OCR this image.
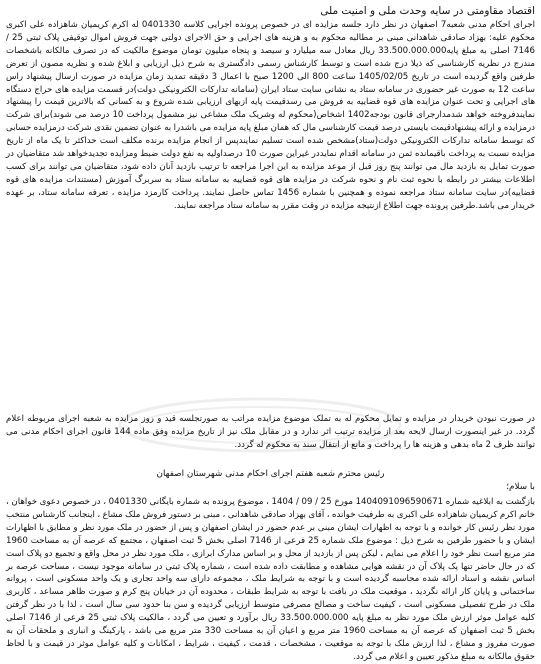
اقتصاد مقاومتی در سایه وحدت ملی و امنیت ملی

اجرای احکام مدنی شعبه7 اصفهان در نظر دارد جلسه مزایده ای در خصوص پرونده اجرایی کلاسه 0401330 له اکرم کریمیان شاهزاده علی اکبری محکوم علیه: بهزاد صادقی شاهدانی مبنی بر مطالبه محکوم به و هزینه های اجرایی و حق الاجرای دولتی جهت فروش اموال توقیفی پلاک ثبتی 25 / 7146 اصلی به مبلغ پایه33.500.000.000 ریال معادل سه میلیارد و سیصد و پنجاه میلیون تومان موضوع مالکیت که در تصرف مالکانه باشخصات مندرج در نظریه کارشناسی که ذیلا درج شده است و توسط کارشناس رسمی دادگستری به شرح ذیل ارزیابی و ابلاغ شده و نظریه مصون از تعرض طرفین واقع گردیده است در تاریخ 1405/02/05 ساعت 800 الی 1200 صبح با اعمال 3 دقیقه تمدید زمان مزایده در صورت ارسال پیشنهاد راس ساعت 12 به صورت غیر حضوری در سامانه ستاد به نشانی سایت ستاد ایران (سامانه تدارکات الکترونیکی دولت)در قسمت مزایده های حراج دستگاه های اجرایی و تحت عنوان مزایده های قوه قضاییه به فروش می رسدقیمت پایه ازبهای ارزیابی شده شروع و به کسانی که بالاترین قیمت را پیشنهاد نمایندفروخته خواهد شدمدارجرای قانون بودجه1402 اشخاص(محکوم له وشریک ملک مشاعی نیز مشمول پرداخت 10 درصد می شوند)برای شرکت درمزایده و ارائه پیشنهادقیمت بایستی درصد قیمت کارشناسی مال که همان مبلغ پایه مزایده می باشدرا به عنوان تضمین نقدی شرکت درمزایده حسابی که توسط سامانه تدارکات الکترونیکی دولت(ستاد)مشخص شده است تسلیم نمایندپس از انجام مزایده برنده مکلف است حداکثر تا یک ماه از تاریخ مزایده نسبت به پرداخت باقیمانده ثمن در سامانه اقدام نمایددر غیراین صورت 10 درصداولیه به نفع دولت ضبط ومزایده تجدیدخواهد شد متقاضیان در صورت تمایل به بازدید مال می توانند پنج روز قبل از موعد مزایده به این اجرا مراجعه تا ترتیب بازدید آنان داده شود، متقاضیان می توانند برای کسب اطلاعات بیشتر در رابطه با نحوه ثبت نام و نحوه شرکت در مزایده های قوه قضاییه به سامانه ستاد به سربرگ آموزش (مستندات مزایده های قوه قضاییه)در سایت سامانه ستاد مراجعه نموده و همچنین با شماره 1456 تماس حاصل نمایند. پرداخت کارمزد مزایده ، تعرفه سامانه ستاد، بر عهده خریدار می باشد.طرفین پرونده جهت اطلاع ازنتیجه مزایده در وقت مقرر به سامانه ستاد مراجعه نمایند.

در صورت نبودن خریدار در مزایده و تمایل محکوم له به تملک موضوع مزایده مراتب به صورتجلسه قید و روز مزایده به شعبه اجرای مربوطه اعلام گردد. در غیر اینصورت ارسال لایحه بعد از مزایده ترتیب اثر ندارد و در مقابل ملک نیز از تاریخ مزایده وفق ماده 144 قانون اجرای احکام مدنی می توانند ظرف 2 ماه بدهی و هزینه ها را پرداخت و مانع از انتقال سند به محکوم له گردد.

رئیس محترم شعبه هفتم اجرای احکام مدنی شهرستان اصفهان
با سلام؛

بازگشت به ابلاغیه شماره 1404091096590671 مورخ 25 / 09 / 1404 ، موضوع پرونده به شماره بایگانی 0401330 ، در خصوص دعوی خواهان ، خانم اکرم کریمیان شاهزاده علی اکبری به طرفیت خوانده ، آقای بهزاد صادقی شاهدانی ، مبنی بر دستور فروش ملک مشاع ، اینجانب کارشناس منتخب مورد نظر رئیس کار خوانده و با توجه به اظهارات ایشان مبنی بر عدم حضور در ایشان اصفهان و پس از حضور در ملک مورد نظر و مطابق با اظهارات ایشان و با حضور طرفین به شرح ذیل : موضوع ملک شماره 25 فرعی از 7146 اصلی بخش 5 ثبت اصفهان ، مجتمع که عرصه آن به مساحت 1960 متر مربع است نظر خود را اعلام می نمایم ، لیکن پس از بازدید از محل و بر اساس مدارک ابرازی ، ملک مورد نظر در محل واقع و تجمیع دو پلاک است که در حال حاضر تنها یک پلاک آن در نقشه هوایی مشاهده و مطابقت داده شده است ، شماره پلاک ثبتی در سامانه موجود نیست ، مساحت عرصه بر اساس نقشه و اسناد ارائه شده محاسبه گردیده است و با توجه به شرایط ملک ، مجموعه دارای سه واحد تجاری و یک واحد مسکونی است ، پروانه ساختمانی و پایان کار ارائه نگردید ، موقعیت ملک در بافت با توجه به شرایط طبقات ، محدوده آن در خیابان پنج کرم و صورت ظاهر مساعد ، کاربری ملک در طرح تفصیلی مسکونی است ، کیفیت ساخت و مصالح مصرفی متوسط ارزیابی گردیده و سن بنا حدود سی سال است ، لذا با در نظر گرفتن کلیه عوامل موثر ارزش ملک مورد نظر به مبلغ پایه 33.500.000.000 ریال برآورد و تعیین می گردد ، مالکیت پلاک ثبتی 25 فرعی از 7146 اصلی بخش 5 ثبت اصفهان که عرصه آن به مساحت 1960 متر مربع و اعیان آن به مساحت 330 متر مربع می باشد ، پارکینگ و انباری و ملحقات آن به صورت مفروز و مشاع ، لذا ارزش ملک با توجه به موقعیت ، مشخصات ، قدمت ، کیفیت ، شرایط ، امکانات و کلیه عوامل موثر در قیمت و با لحاظ حقوق مالکانه به مبلغ مذکور تعیین و اعلام می گردد.
